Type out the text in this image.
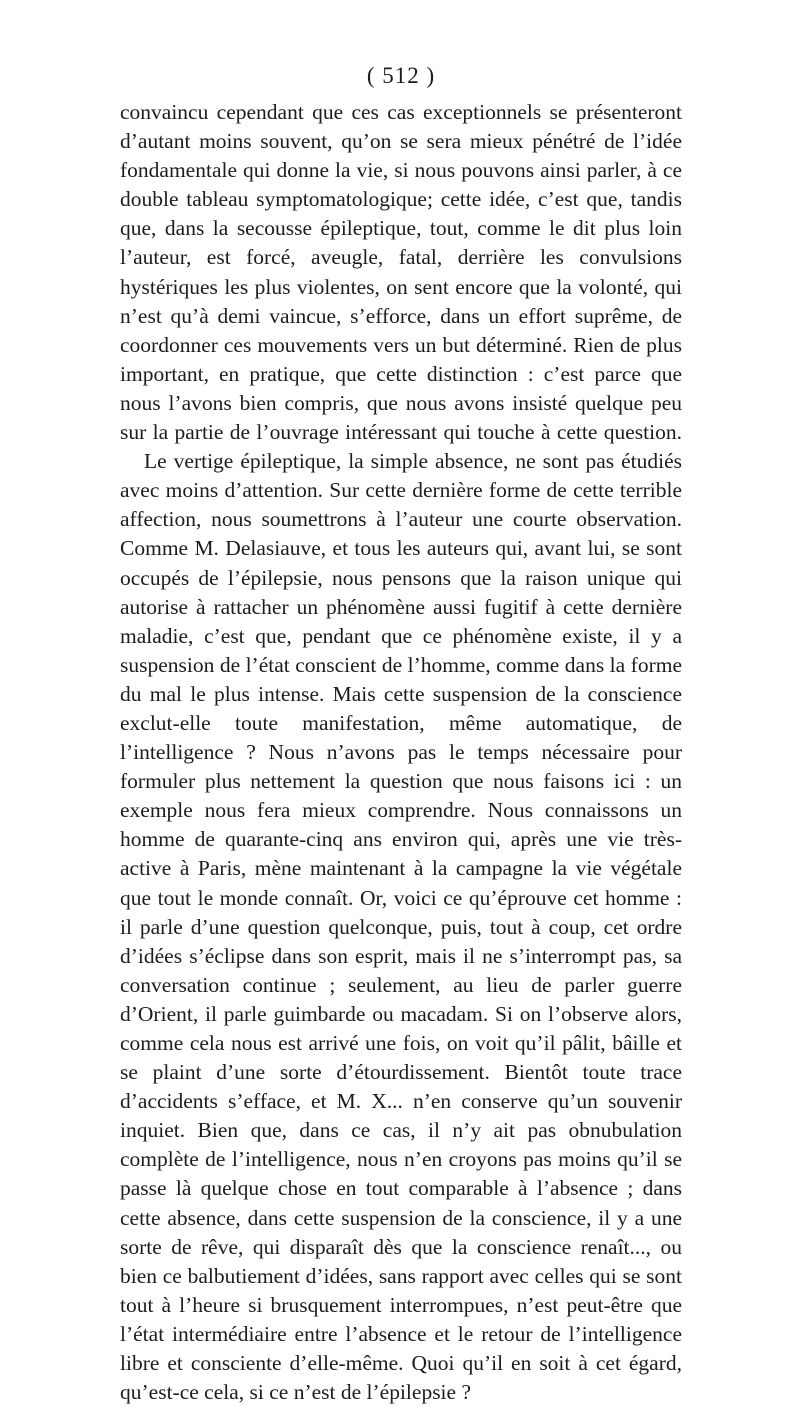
( 512 )

convaincu cependant que ces cas exceptionnels se présenteront d’autant moins souvent, qu’on se sera mieux pénétré de l’idée fondamentale qui donne la vie, si nous pouvons ainsi parler, à ce double tableau symptomatologique; cette idée, c’est que, tandis que, dans la secousse épileptique, tout, comme le dit plus loin l’auteur, est forcé, aveugle, fatal, derrière les convulsions hystériques les plus violentes, on sent encore que la volonté, qui n’est qu’à demi vaincue, s’efforce, dans un effort suprême, de coordonner ces mouvements vers un but déterminé. Rien de plus important, en pratique, que cette distinction : c’est parce que nous l’avons bien compris, que nous avons insisté quelque peu sur la partie de l’ouvrage intéressant qui touche à cette question.

Le vertige épileptique, la simple absence, ne sont pas étudiés avec moins d’attention. Sur cette dernière forme de cette terrible affection, nous soumettrons à l’auteur une courte observation. Comme M. Delasiauve, et tous les auteurs qui, avant lui, se sont occupés de l’épilepsie, nous pensons que la raison unique qui autorise à rattacher un phénomène aussi fugitif à cette dernière maladie, c’est que, pendant que ce phénomène existe, il y a suspension de l’état conscient de l’homme, comme dans la forme du mal le plus intense. Mais cette suspension de la conscience exclut-elle toute manifestation, même automatique, de l’intelligence ? Nous n’avons pas le temps nécessaire pour formuler plus nettement la question que nous faisons ici : un exemple nous fera mieux comprendre. Nous connaissons un homme de quarante-cinq ans environ qui, après une vie très-active à Paris, mène maintenant à la campagne la vie végétale que tout le monde connaît. Or, voici ce qu’éprouve cet homme : il parle d’une question quelconque, puis, tout à coup, cet ordre d’idées s’éclipse dans son esprit, mais il ne s’interrompt pas, sa conversation continue ; seulement, au lieu de parler guerre d’Orient, il parle guimbarde ou macadam. Si on l’observe alors, comme cela nous est arrivé une fois, on voit qu’il pâlit, bâille et se plaint d’une sorte d’étourdissement. Bientôt toute trace d’accidents s’efface, et M. X... n’en conserve qu’un souvenir inquiet. Bien que, dans ce cas, il n’y ait pas obnubulation complète de l’intelligence, nous n’en croyons pas moins qu’il se passe là quelque chose en tout comparable à l’absence ; dans cette absence, dans cette suspension de la conscience, il y a une sorte de rêve, qui disparaît dès que la conscience renaît..., ou bien ce balbutiement d’idées, sans rapport avec celles qui se sont tout à l’heure si brusquement interrompues, n’est peut-être que l’état intermédiaire entre l’absence et le retour de l’intelligence libre et consciente d’elle-même. Quoi qu’il en soit à cet égard, qu’est-ce cela, si ce n’est de l’épilepsie ?
